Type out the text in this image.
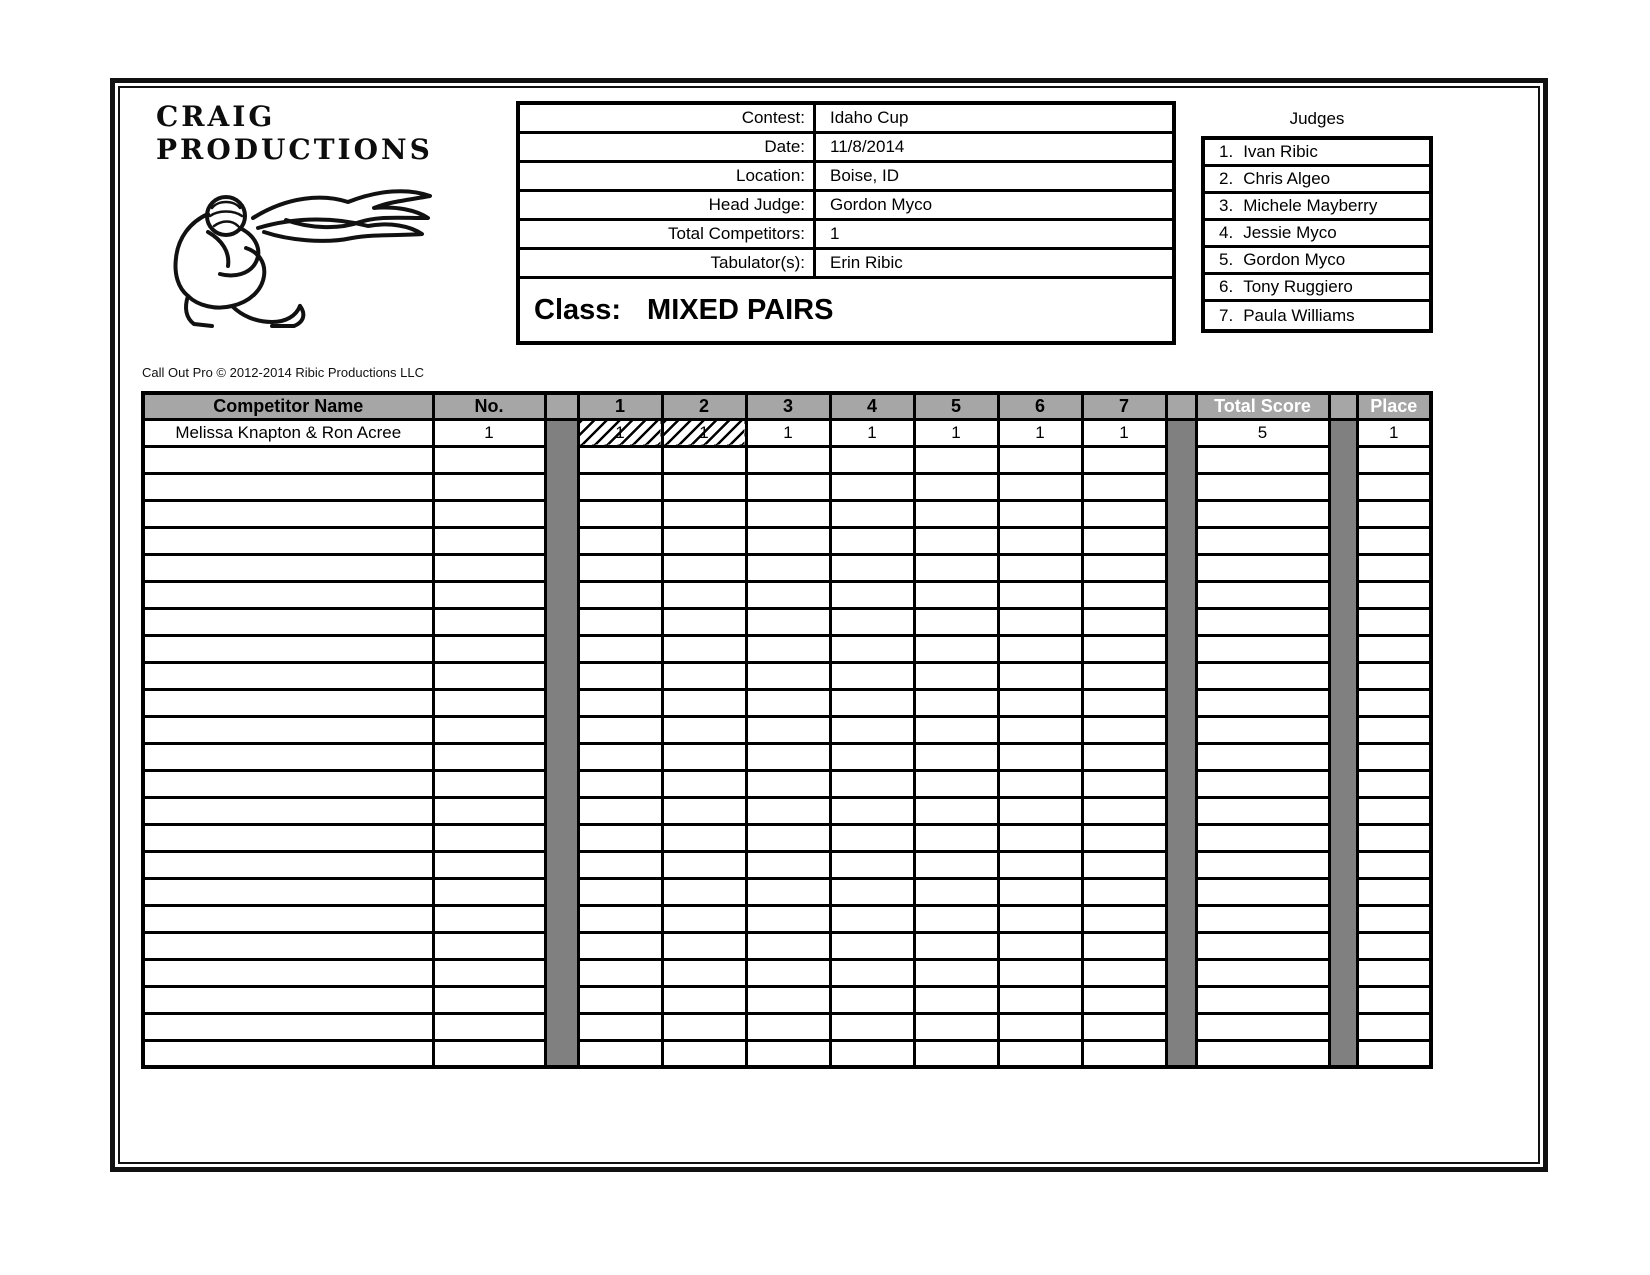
CRAIG
PRODUCTIONS
Call Out Pro © 2012-2014 Ribic Productions LLC
Contest:	Idaho Cup
Date:	11/8/2014
Location:	Boise, ID
Head Judge:	Gordon Myco
Total Competitors:	1
Tabulator(s):	Erin Ribic
Class: MIXED PAIRS
Judges
1. Ivan Ribic
2. Chris Algeo
3. Michele Mayberry
4. Jessie Myco
5. Gordon Myco
6. Tony Ruggiero
7. Paula Williams
Competitor Name	No.		1	2	3	4	5	6	7		Total Score		Place
Melissa Knapton & Ron Acree	1		1	1	1	1	1	1	1		5		1
